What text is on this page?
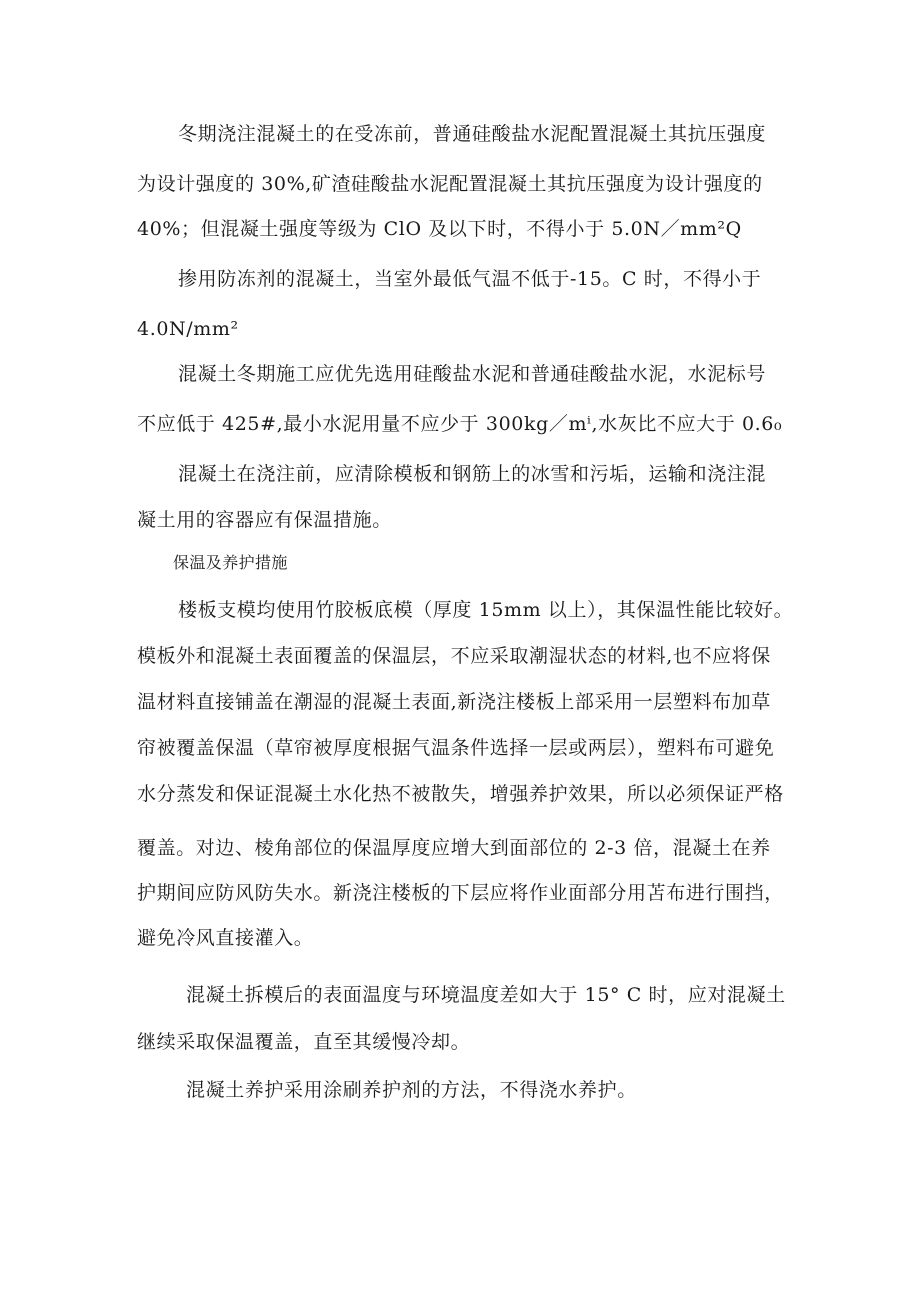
冬期浇注混凝土的在受冻前，普通硅酸盐水泥配置混凝土其抗压强度
为设计强度的 30%,矿渣硅酸盐水泥配置混凝土其抗压强度为设计强度的
40%；但混凝土强度等级为 ClO 及以下时，不得小于 5.0N／mm²Q
掺用防冻剂的混凝土，当室外最低气温不低于-15。C 时，不得小于
4.0N/mm²
混凝土冬期施工应优先选用硅酸盐水泥和普通硅酸盐水泥，水泥标号
不应低于 425#,最小水泥用量不应少于 300kg／mⁱ,水灰比不应大于 0.6₀
混凝土在浇注前，应清除模板和钢筋上的冰雪和污垢，运输和浇注混
凝土用的容器应有保温措施。
保温及养护措施
楼板支模均使用竹胶板底模（厚度 15mm 以上），其保温性能比较好。
模板外和混凝土表面覆盖的保温层，不应采取潮湿状态的材料,也不应将保
温材料直接铺盖在潮湿的混凝土表面,新浇注楼板上部采用一层塑料布加草
帘被覆盖保温（草帘被厚度根据气温条件选择一层或两层），塑料布可避免
水分蒸发和保证混凝土水化热不被散失，增强养护效果，所以必须保证严格
覆盖。对边、棱角部位的保温厚度应增大到面部位的 2-3 倍，混凝土在养
护期间应防风防失水。新浇注楼板的下层应将作业面部分用苫布进行围挡，
避免冷风直接灌入。
混凝土拆模后的表面温度与环境温度差如大于 15° C 时，应对混凝土
继续采取保温覆盖，直至其缓慢冷却。
混凝土养护采用涂刷养护剂的方法，不得浇水养护。
